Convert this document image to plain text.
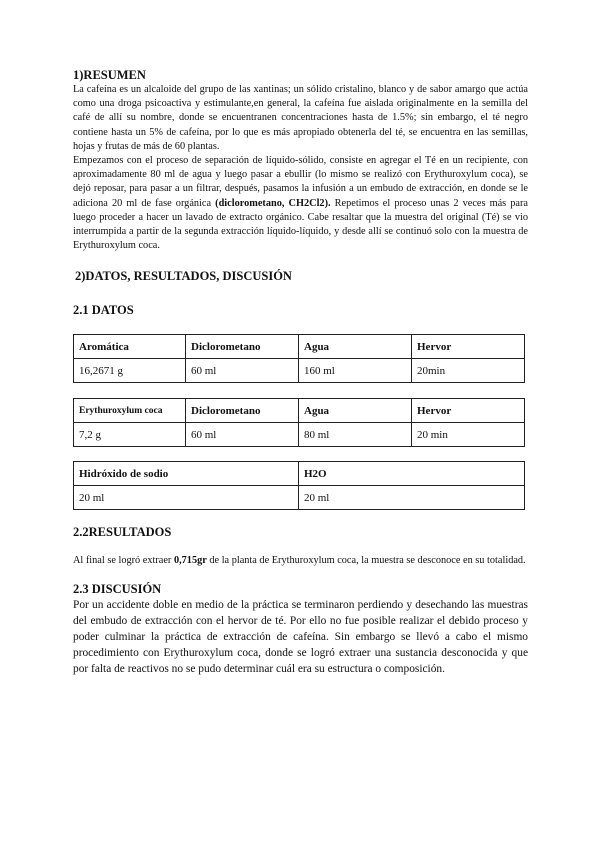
1)RESUMEN

La cafeína es un alcaloide del grupo de las xantinas; un sólido cristalino, blanco y de sabor amargo que actúa como una droga psicoactiva y estimulante,en general, la cafeína fue aislada originalmente en la semilla del café de allí su nombre, donde se encuentranen concentraciones hasta de 1.5%; sin embargo, el té negro contiene hasta un 5% de cafeína, por lo que es más apropiado obtenerla del té, se encuentra en las semillas, hojas y frutas de más de 60 plantas.

Empezamos con el proceso de separación de líquido-sólido, consiste en agregar el Té en un recipiente, con aproximadamente 80 ml de agua y luego pasar a ebullir (lo mismo se realizó con Erythuroxylum coca), se dejó reposar, para pasar a un filtrar, después, pasamos la infusión a un embudo de extracción, en donde se le adiciona 20 ml de fase orgánica (diclorometano, CH2Cl2). Repetimos el proceso unas 2 veces más para luego proceder a hacer un lavado de extracto orgánico. Cabe resaltar que la muestra del original (Té) se vio interrumpida a partir de la segunda extracción líquido-líquido, y desde allí se continuó solo con la muestra de Erythuroxylum coca.

2)DATOS, RESULTADOS, DISCUSIÓN
2.1 DATOS
Aromática	Diclorometano	Agua	Hervor
16,2671 g	60 ml	160 ml	20min
Erythuroxylum coca	Diclorometano	Agua	Hervor
7,2 g	60 ml	80 ml	20 min
Hidróxido de sodio	H2O
20 ml	20 ml
2.2RESULTADOS

Al final se logró extraer 0,715gr de la planta de Erythuroxylum coca, la muestra se desconoce en su totalidad.

2.3 DISCUSIÓN

Por un accidente doble en medio de la práctica se terminaron perdiendo y desechando las muestras del embudo de extracción con el hervor de té. Por ello no fue posible realizar el debido proceso y poder culminar la práctica de extracción de cafeína. Sin embargo se llevó a cabo el mismo procedimiento con Erythuroxylum coca, donde se logró extraer una sustancia desconocida y que por falta de reactivos no se pudo determinar cuál era su estructura o composición.
